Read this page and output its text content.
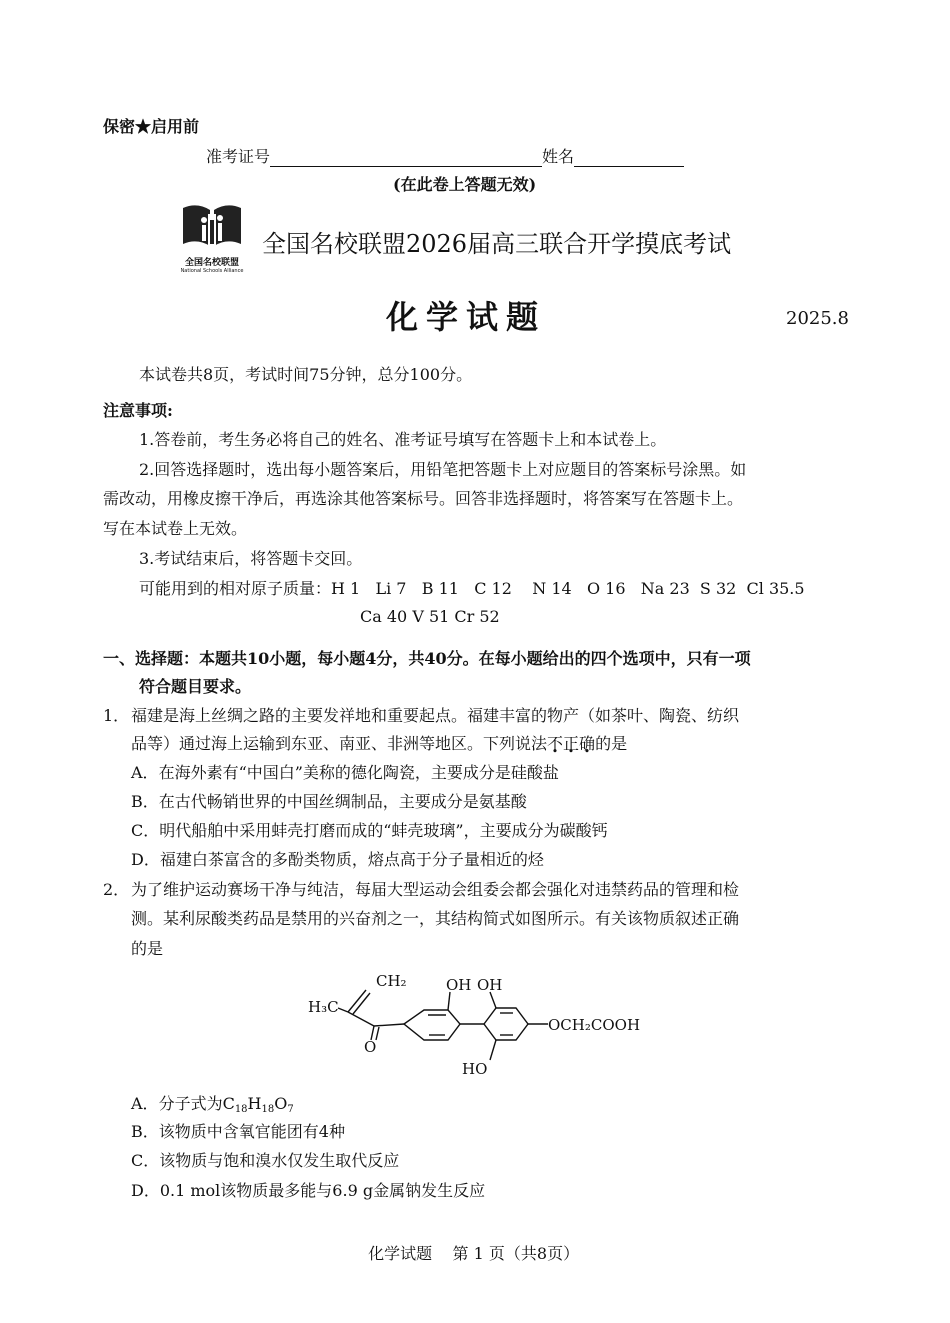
保密★启用前
准考证号	姓名
(在此卷上答题无效)
全国名校联盟
National Schools Alliance
全国名校联盟2026届高三联合开学摸底考试
化学试题	2025.8
本试卷共8页，考试时间75分钟，总分100分。
注意事项:
1.答卷前，考生务必将自己的姓名、准考证号填写在答题卡上和本试卷上。
2.回答选择题时，选出每小题答案后，用铅笔把答题卡上对应题目的答案标号涂黑。如
需改动，用橡皮擦干净后，再选涂其他答案标号。回答非选择题时，将答案写在答题卡上。
写在本试卷上无效。
3.考试结束后，将答题卡交回。
可能用到的相对原子质量：H 1   Li 7   B 11   C 12    N 14   O 16   Na 23  S 32  Cl 35.5
Ca 40 V 51 Cr 52
一、选择题：本题共10小题，每小题4分，共40分。在每小题给出的四个选项中，只有一项
符合题目要求。
1． 福建是海上丝绸之路的主要发祥地和重要起点。福建丰富的物产（如茶叶、陶瓷、纺织
品等）通过海上运输到东亚、南亚、非洲等地区。下列说法不正确的是
A．在海外素有“中国白”美称的德化陶瓷，主要成分是硅酸盐
B．在古代畅销世界的中国丝绸制品，主要成分是氨基酸
C．明代船舶中采用蚌壳打磨而成的“蚌壳玻璃”，主要成分为碳酸钙
D．福建白茶富含的多酚类物质，熔点高于分子量相近的烃
2． 为了维护运动赛场干净与纯洁，每届大型运动会组委会都会强化对违禁药品的管理和检
测。某利尿酸类药品是禁用的兴奋剂之一，其结构简式如图所示。有关该物质叙述正确
的是
CH₂
H₃C
O
OH OH
HO
OCH₂COOH
A．分子式为$C_{18}H_{18}O_7$
B．该物质中含氧官能团有4种
C．该物质与饱和溴水仅发生取代反应
D．0.1 mol该物质最多能与6.9 g金属钠发生反应

化学试题 第 1 页（共8页）
